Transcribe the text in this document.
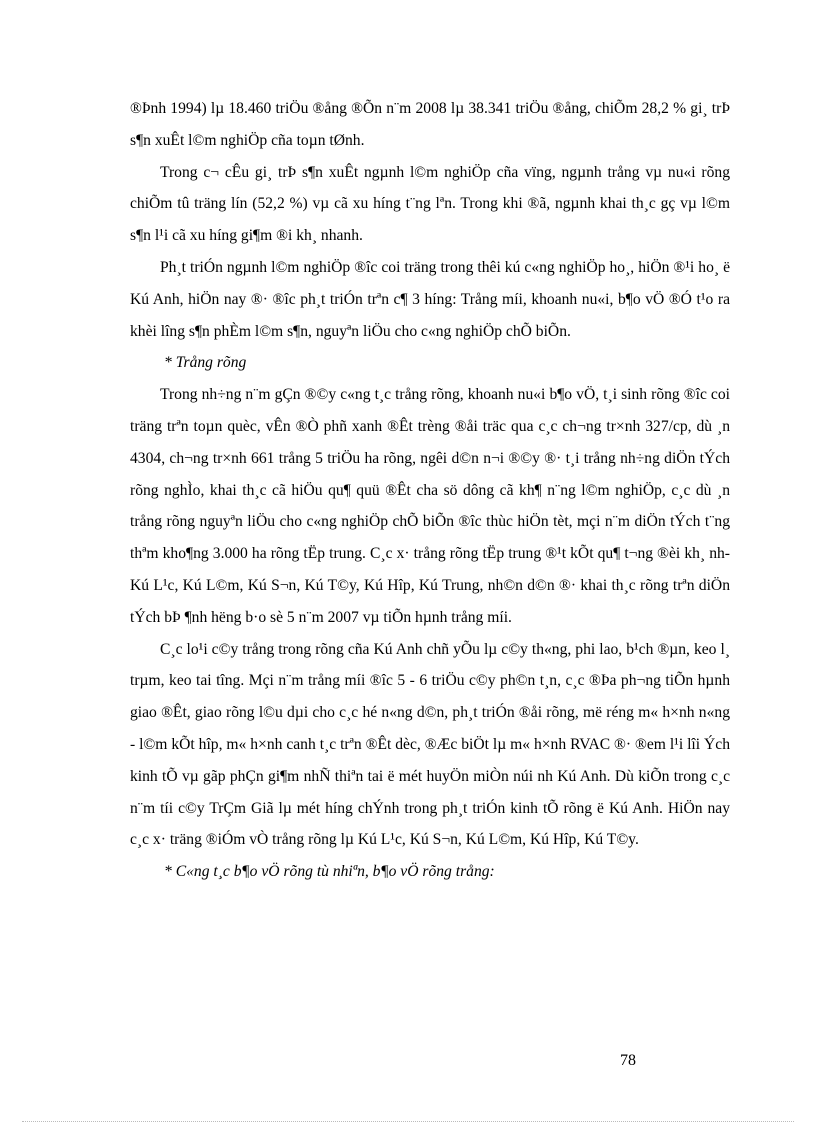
®Þnh 1994) lµ 18.460 triÖu ®ång ®Õn n¨m 2008 lµ 38.341 triÖu ®ång, chiÕm 28,2 % gi¸ trÞ s¶n xuÊt l©m nghiÖp cña toµn tØnh.

Trong c¬ cÊu gi¸ trÞ s¶n xuÊt ngµnh l©m nghiÖp cña vïng, ngµnh trång vµ nu«i rõng chiÕm tû träng lín (52,2 %) vµ cã xu híng t¨ng lªn. Trong khi ®ã, ngµnh khai th¸c gç vµ l©m s¶n l¹i cã xu híng gi¶m ®i kh¸ nhanh.

Ph¸t triÓn ngµnh l©m nghiÖp ®îc coi träng trong thêi kú c«ng nghiÖp ho¸, hiÖn ®¹i ho¸ ë Kú Anh, hiÖn nay ®· ®îc ph¸t triÓn trªn c¶ 3 híng: Trång míi, khoanh nu«i, b¶o vÖ ®Ó t¹o ra khèi lîng s¶n phÈm l©m s¶n, nguyªn liÖu cho c«ng nghiÖp chÕ biÕn.

* Trång rõng

Trong nh÷ng n¨m gÇn ®©y c«ng t¸c trång rõng, khoanh nu«i b¶o vÖ, t¸i sinh rõng ®îc coi träng trªn toµn quèc, vÊn ®Ò phñ xanh ®Êt trèng ®åi träc qua c¸c ch¬ng tr×nh 327/cp, dù ¸n 4304, ch¬ng tr×nh 661 trång 5 triÖu ha rõng, ngêi d©n n¬i ®©y ®· t¸i trång nh÷ng diÖn tÝch rõng nghÌo, khai th¸c cã hiÖu qu¶ quü ®Êt cha sö dông cã kh¶ n¨ng l©m nghiÖp, c¸c dù ¸n trång rõng nguyªn liÖu cho c«ng nghiÖp chÕ biÕn ®îc thùc hiÖn tèt, mçi n¨m diÖn tÝch t¨ng thªm kho¶ng 3.000 ha rõng tËp trung. C¸c x· trång rõng tËp trung ®¹t kÕt qu¶ t¬ng ®èi kh¸ nh Kú L¹c, Kú L©m, Kú S¬n, Kú T©y, Kú Hîp, Kú Trung, nh©n d©n ®· khai th¸c rõng trªn diÖn tÝch bÞ ¶nh hëng b·o sè 5 n¨m 2007 vµ tiÕn hµnh trång míi.

C¸c lo¹i c©y trång trong rõng cña Kú Anh chñ yÕu lµ c©y th«ng, phi lao, b¹ch ®µn, keo l¸ trµm, keo tai tîng. Mçi n¨m trång míi ®îc 5 - 6 triÖu c©y ph©n t¸n, c¸c ®Þa ph¬ng tiÕn hµnh giao ®Êt, giao rõng l©u dµi cho c¸c hé n«ng d©n, ph¸t triÓn ®åi rõng, më réng m« h×nh n«ng - l©m kÕt hîp, m« h×nh canh t¸c trªn ®Êt dèc, ®Æc biÖt lµ m« h×nh RVAC ®· ®em l¹i lîi Ých kinh tÕ vµ gãp phÇn gi¶m nhÑ thiªn tai ë mét huyÖn miÒn núi nh Kú Anh. Dù kiÕn trong c¸c n¨m tíi c©y TrÇm Giã lµ mét híng chÝnh trong ph¸t triÓn kinh tÕ rõng ë Kú Anh. HiÖn nay c¸c x· träng ®iÓm vÒ trång rõng lµ Kú L¹c, Kú S¬n, Kú L©m, Kú Hîp, Kú T©y.

* C«ng t¸c b¶o vÖ rõng tù nhiªn, b¶o vÖ rõng trång:

78
